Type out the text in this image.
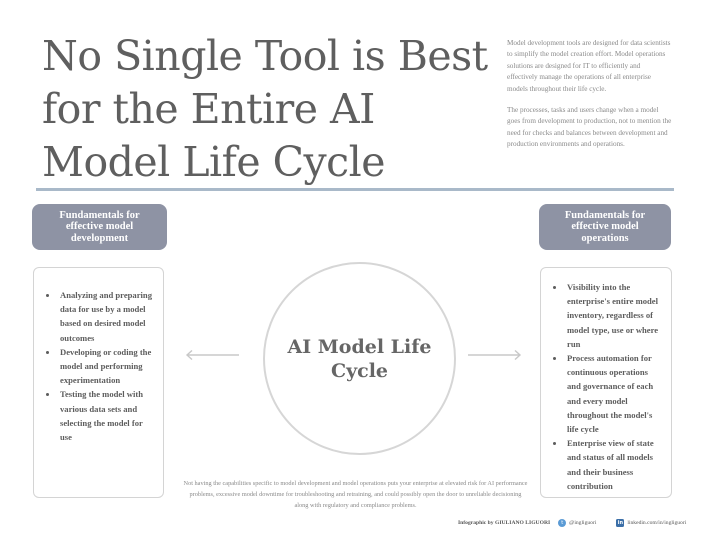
No Single Tool is Best for the Entire AI Model Life Cycle

Model development tools are designed for data scientists to simplify the model creation effort. Model operations solutions are designed for IT to efficiently and effectively manage the operations of all enterprise models throughout their life cycle.

The processes, tasks and users change when a model goes from development to production, not to mention the need for checks and balances between development and production environments and operations.

Fundamentals for effective model development
Fundamentals for effective model operations
• Analyzing and preparing data for use by a model based on desired model outcomes
• Developing or coding the model and performing experimentation
• Testing the model with various data sets and selecting the model for use
• Visibility into the enterprise's entire model inventory, regardless of model type, use or where run
• Process automation for continuous operations and governance of each and every model throughout the model's life cycle
• Enterprise view of state and status of all models and their business contribution
AI Model Life Cycle
Not having the capabilities specific to model development and model operations puts your enterprise at elevated risk for AI performance problems, excessive model downtime for troubleshooting and retraining, and could possibly open the door to unreliable decisioning along with regulatory and compliance problems.
Infographic by GIULIANO LIGUORI	t	@ingliguori	in linkedin.com/in/ingliguori
